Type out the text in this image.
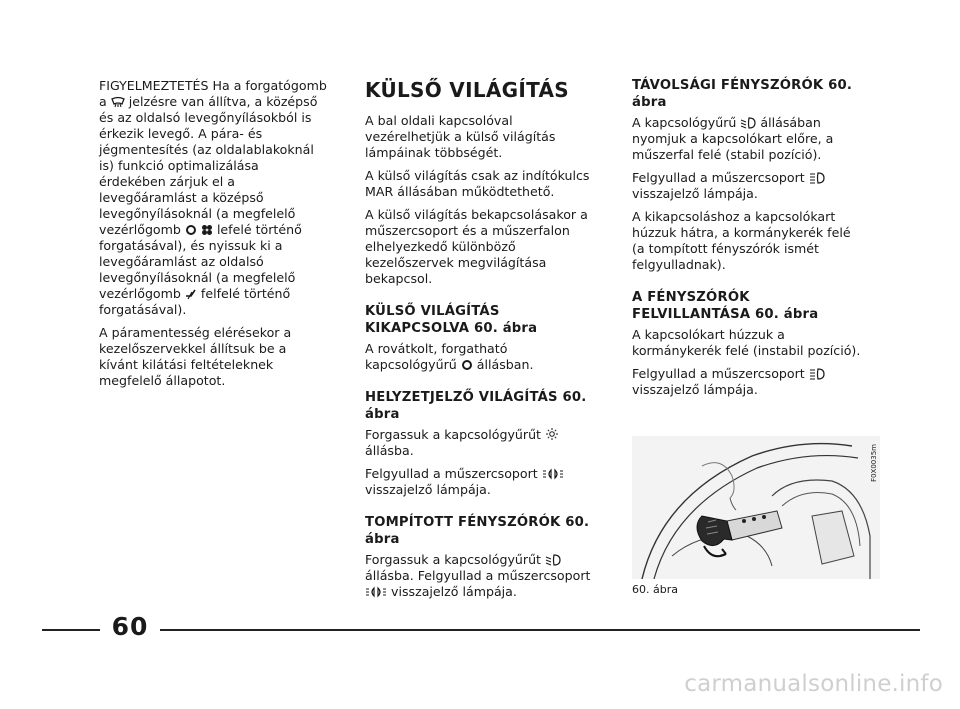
FIGYELMEZTETÉS Ha a forgatógomb a  jelzésre van állítva, a középső és az oldalsó levegőnyílásokból is érkezik levegő. A pára- és jégmentesítés (az oldalablakoknál is) funkció optimalizálása érdekében zárjuk el a levegőáramlást a középső levegőnyílásoknál (a megfelelő vezérlőgomb	lefelé történő forgatásával), és nyissuk ki a levegőáramlást az oldalsó levegőnyílásoknál (a megfelelő vezérlőgomb  felfelé történő forgatásával).

A páramentesség elérésekor a kezelőszervekkel állítsuk be a kívánt kilátási feltételeknek megfelelő állapotot.

KÜLSŐ VILÁGÍTÁS

A bal oldali kapcsolóval vezérelhetjük a külső világítás lámpáinak többségét.

A külső világítás csak az indítókulcs MAR állásában működtethető.

A külső világítás bekapcsolásakor a műszercsoport és a műszerfalon elhelyezkedő különböző kezelőszervek megvilágítása bekapcsol.

KÜLSŐ VILÁGÍTÁS KIKAPCSOLVA 60. ábra

A rovátkolt, forgatható kapcsológyűrű  állásban.

HELYZETJELZŐ VILÁGÍTÁS 60. ábra

Forgassuk a kapcsológyűrűt  állásba.

Felgyullad a műszercsoport  visszajelző lámpája.

TOMPÍTOTT FÉNYSZÓRÓK 60. ábra

Forgassuk a kapcsológyűrűt  állásba. Felgyullad a műszercsoport  visszajelző lámpája.

TÁVOLSÁGI FÉNYSZÓRÓK 60. ábra

A kapcsológyűrű  állásában nyomjuk a kapcsolókart előre, a műszerfal felé (stabil pozíció).

Felgyullad a műszercsoport  visszajelző lámpája.

A kikapcsoláshoz a kapcsolókart húzzuk hátra, a kormánykerék felé (a tompított fényszórók ismét felgyulladnak).

A FÉNYSZÓRÓK FELVILLANTÁSA 60. ábra

A kapcsolókart húzzuk a kormánykerék felé (instabil pozíció).

Felgyullad a műszercsoport  visszajelző lámpája.

F0X0035m
60. ábra
60
carmanualsonline.info
